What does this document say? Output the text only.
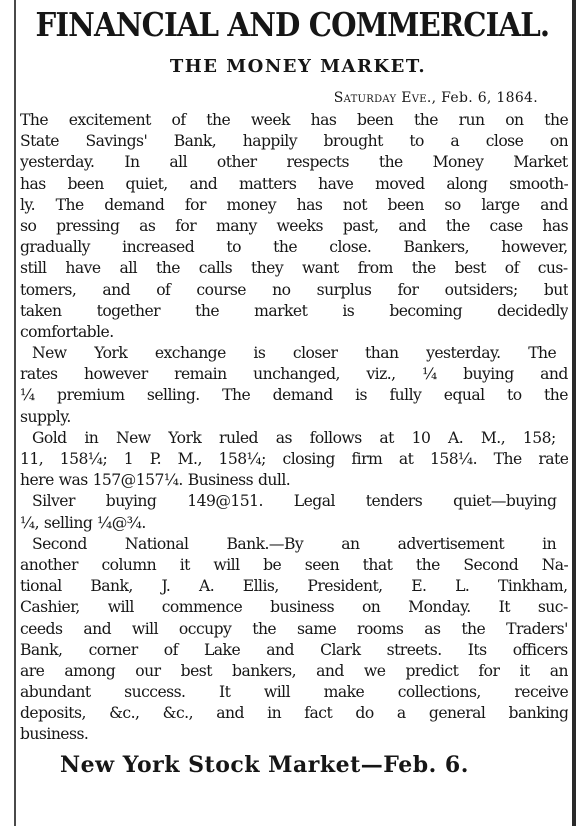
FINANCIAL AND COMMERCIAL.
THE MONEY MARKET.
Saturday Eve., Feb. 6, 1864.
The excitement of the week has been the run on the
State Savings' Bank, happily brought to a close on
yesterday. In all other respects the Money Market
has been quiet, and matters have moved along smooth-
ly. The demand for money has not been so large and
so pressing as for many weeks past, and the case has
gradually increased to the close. Bankers, however,
still have all the calls they want from the best of cus-
tomers, and of course no surplus for outsiders; but
taken together the market is becoming decidedly
comfortable.
New York exchange is closer than yesterday. The
rates however remain unchanged, viz., ¼ buying and
¼ premium selling. The demand is fully equal to the
supply.
Gold in New York ruled as follows at 10 A. M., 158;
11, 158¼; 1 P. M., 158¼; closing firm at 158¼. The rate
here was 157@157¼. Business dull.
Silver buying 149@151. Legal tenders quiet—buying
¼, selling ¼@¾.
Second National Bank.—By an advertisement in
another column it will be seen that the Second Na-
tional Bank, J. A. Ellis, President, E. L. Tinkham,
Cashier, will commence business on Monday. It suc-
ceeds and will occupy the same rooms as the Traders'
Bank, corner of Lake and Clark streets. Its officers
are among our best bankers, and we predict for it an
abundant success. It will make collections, receive
deposits, &c., &c., and in fact do a general banking
business.
New York Stock Market—Feb. 6.
